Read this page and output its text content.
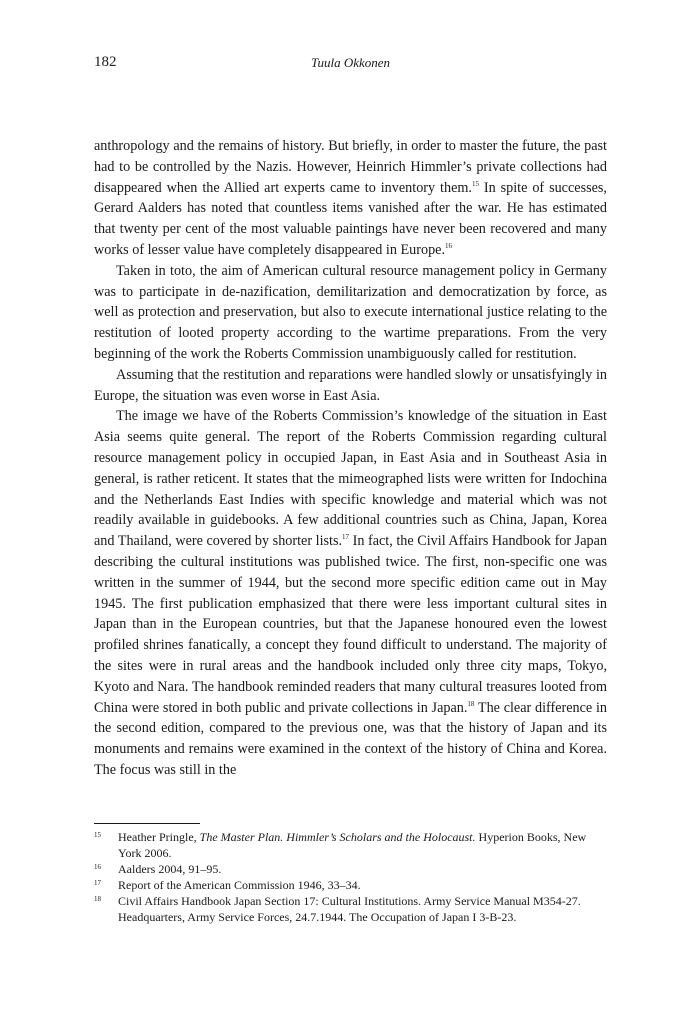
182	Tuula Okkonen

anthropology and the remains of history. But briefly, in order to master the future, the past had to be controlled by the Nazis. However, Heinrich Himmler’s private collections had disappeared when the Allied art experts came to inventory them.$^{15}$ In spite of successes, Gerard Aalders has noted that countless items vanished after the war. He has estimated that twenty per cent of the most valuable paintings have never been recovered and many works of lesser value have completely disappeared in Europe.$^{16}$

Taken in toto, the aim of American cultural resource management policy in Germany was to participate in de-nazification, demilitarization and democratization by force, as well as protection and preservation, but also to execute international justice relating to the restitution of looted property according to the wartime preparations. From the very beginning of the work the Roberts Commission unambiguously called for restitution.

Assuming that the restitution and reparations were handled slowly or unsatisfyingly in Europe, the situation was even worse in East Asia.

The image we have of the Roberts Commission’s knowledge of the situation in East Asia seems quite general. The report of the Roberts Commission regarding cultural resource management policy in occupied Japan, in East Asia and in Southeast Asia in general, is rather reticent. It states that the mimeographed lists were written for Indochina and the Netherlands East Indies with specific knowledge and material which was not readily available in guidebooks. A few additional countries such as China, Japan, Korea and Thailand, were covered by shorter lists.$^{17}$ In fact, the Civil Affairs Handbook for Japan describing the cultural institutions was published twice. The first, non-specific one was written in the summer of 1944, but the second more specific edition came out in May 1945. The first publication emphasized that there were less important cultural sites in Japan than in the European countries, but that the Japanese honoured even the lowest profiled shrines fanatically, a concept they found difficult to understand. The majority of the sites were in rural areas and the handbook included only three city maps, Tokyo, Kyoto and Nara. The handbook reminded readers that many cultural treasures looted from China were stored in both public and private collections in Japan.$^{18}$ The clear difference in the second edition, compared to the previous one, was that the history of Japan and its monuments and remains were examined in the context of the history of China and Korea. The focus was still in the

15 Heather Pringle, The Master Plan. Himmler’s Scholars and the Holocaust. Hyperion Books, New York 2006.
16 Aalders 2004, 91–95.
17 Report of the American Commission 1946, 33–34.
18 Civil Affairs Handbook Japan Section 17: Cultural Institutions. Army Service Manual M354-27. Headquarters, Army Service Forces, 24.7.1944. The Occupation of Japan I 3-B-23.
